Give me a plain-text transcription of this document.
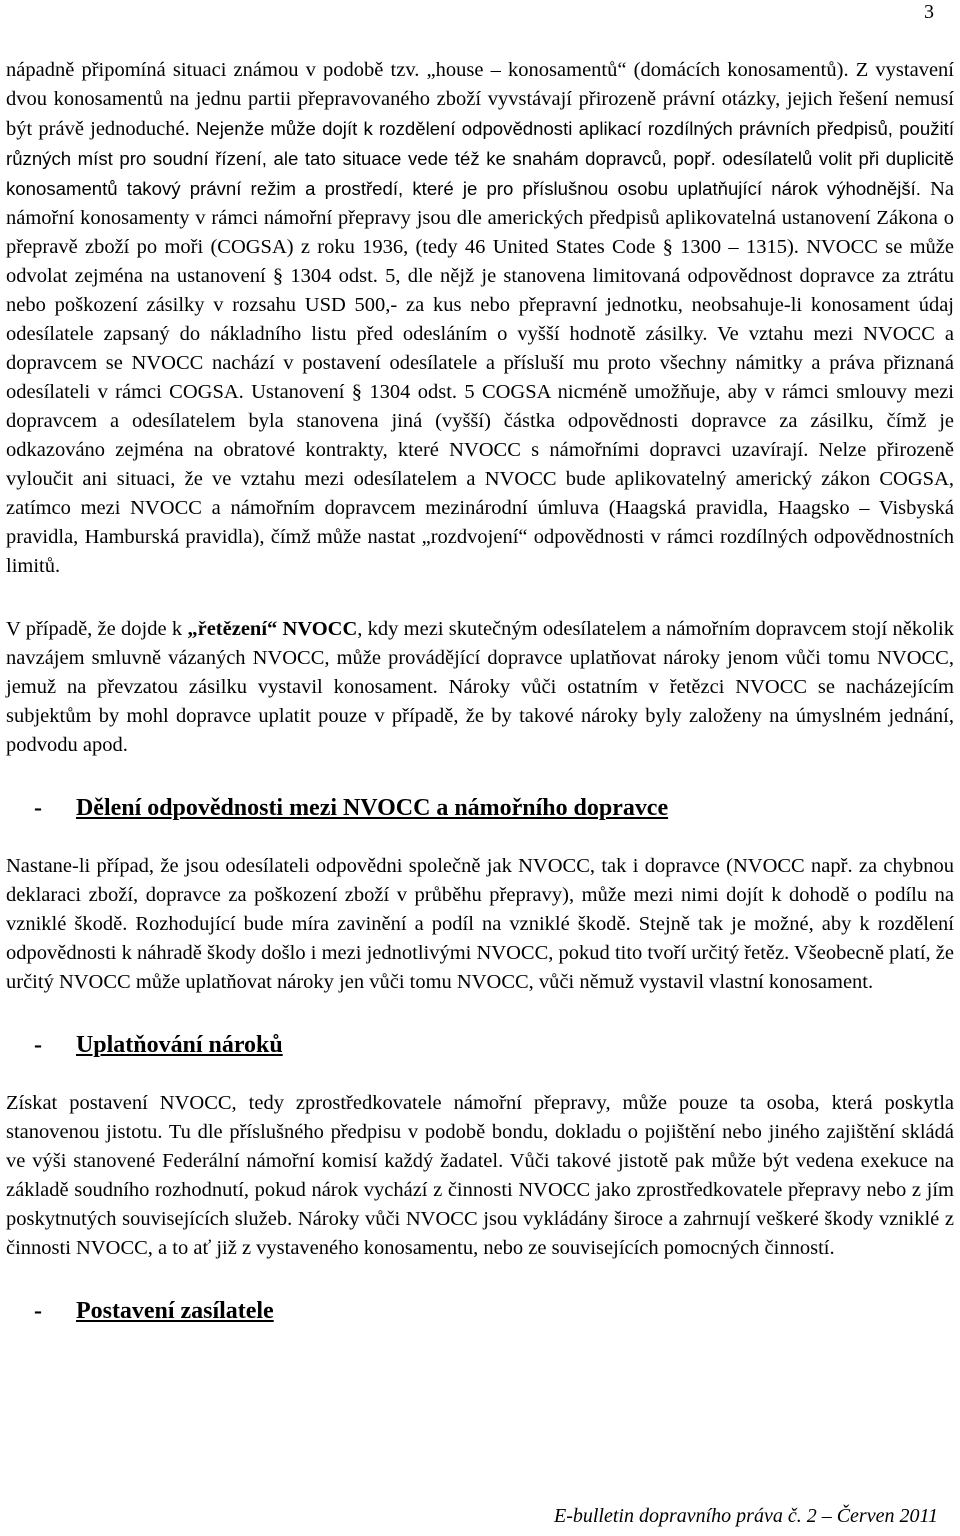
3

nápadně připomíná situaci známou v podobě tzv. „house – konosamentů“ (domácích konosamentů). Z vystavení dvou konosamentů na jednu partii přepravovaného zboží vyvstávají přirozeně právní otázky, jejich řešení nemusí být právě jednoduché. Nejenže může dojít k rozdělení odpovědnosti aplikací rozdílných právních předpisů, použití různých míst pro soudní řízení, ale tato situace vede též ke snahám dopravců, popř. odesílatelů volit při duplicitě konosamentů takový právní režim a prostředí, které je pro příslušnou osobu uplatňující nárok výhodnější. Na námořní konosamenty v rámci námořní přepravy jsou dle amerických předpisů aplikovatelná ustanovení Zákona o přepravě zboží po moři (COGSA) z roku 1936, (tedy 46 United States Code § 1300 – 1315). NVOCC se může odvolat zejména na ustanovení § 1304 odst. 5, dle nějž je stanovena limitovaná odpovědnost dopravce za ztrátu nebo poškození zásilky v rozsahu USD 500,- za kus nebo přepravní jednotku, neobsahuje-li konosament údaj odesílatele zapsaný do nákladního listu před odesláním o vyšší hodnotě zásilky. Ve vztahu mezi NVOCC a dopravcem se NVOCC nachází v postavení odesílatele a přísluší mu proto všechny námitky a práva přiznaná odesílateli v rámci COGSA. Ustanovení § 1304 odst. 5 COGSA nicméně umožňuje, aby v rámci smlouvy mezi dopravcem a odesílatelem byla stanovena jiná (vyšší) částka odpovědnosti dopravce za zásilku, čímž je odkazováno zejména na obratové kontrakty, které NVOCC s námořními dopravci uzavírají. Nelze přirozeně vyloučit ani situaci, že ve vztahu mezi odesílatelem a NVOCC bude aplikovatelný americký zákon COGSA, zatímco mezi NVOCC a námořním dopravcem mezinárodní úmluva (Haagská pravidla, Haagsko – Visbyská pravidla, Hamburská pravidla), čímž může nastat „rozdvojení“ odpovědnosti v rámci rozdílných odpovědnostních limitů.

V případě, že dojde k „řetězení“ NVOCC, kdy mezi skutečným odesílatelem a námořním dopravcem stojí několik navzájem smluvně vázaných NVOCC, může provádějící dopravce uplatňovat nároky jenom vůči tomu NVOCC, jemuž na převzatou zásilku vystavil konosament. Nároky vůči ostatním v řetězci NVOCC se nacházejícím subjektům by mohl dopravce uplatit pouze v případě, že by takové nároky byly založeny na úmyslném jednání, podvodu apod.

-	Dělení odpovědnosti mezi NVOCC a námořního dopravce

Nastane-li případ, že jsou odesílateli odpovědni společně jak NVOCC, tak i dopravce (NVOCC např. za chybnou deklaraci zboží, dopravce za poškození zboží v průběhu přepravy), může mezi nimi dojít k dohodě o podílu na vzniklé škodě. Rozhodující bude míra zavinění a podíl na vzniklé škodě. Stejně tak je možné, aby k rozdělení odpovědnosti k náhradě škody došlo i mezi jednotlivými NVOCC, pokud tito tvoří určitý řetěz. Všeobecně platí, že určitý NVOCC může uplatňovat nároky jen vůči tomu NVOCC, vůči němuž vystavil vlastní konosament.

-	Uplatňování nároků

Získat postavení NVOCC, tedy zprostředkovatele námořní přepravy, může pouze ta osoba, která poskytla stanovenou jistotu. Tu dle příslušného předpisu v podobě bondu, dokladu o pojištění nebo jiného zajištění skládá ve výši stanovené Federální námořní komisí každý žadatel. Vůči takové jistotě pak může být vedena exekuce na základě soudního rozhodnutí, pokud nárok vychází z činnosti NVOCC jako zprostředkovatele přepravy nebo z jím poskytnutých souvisejících služeb. Nároky vůči NVOCC jsou vykládány široce a zahrnují veškeré škody vzniklé z činnosti NVOCC, a to ať již z vystaveného konosamentu, nebo ze souvisejících pomocných činností.

-	Postavení zasílatele
E-bulletin dopravního práva č. 2 – Červen 2011
